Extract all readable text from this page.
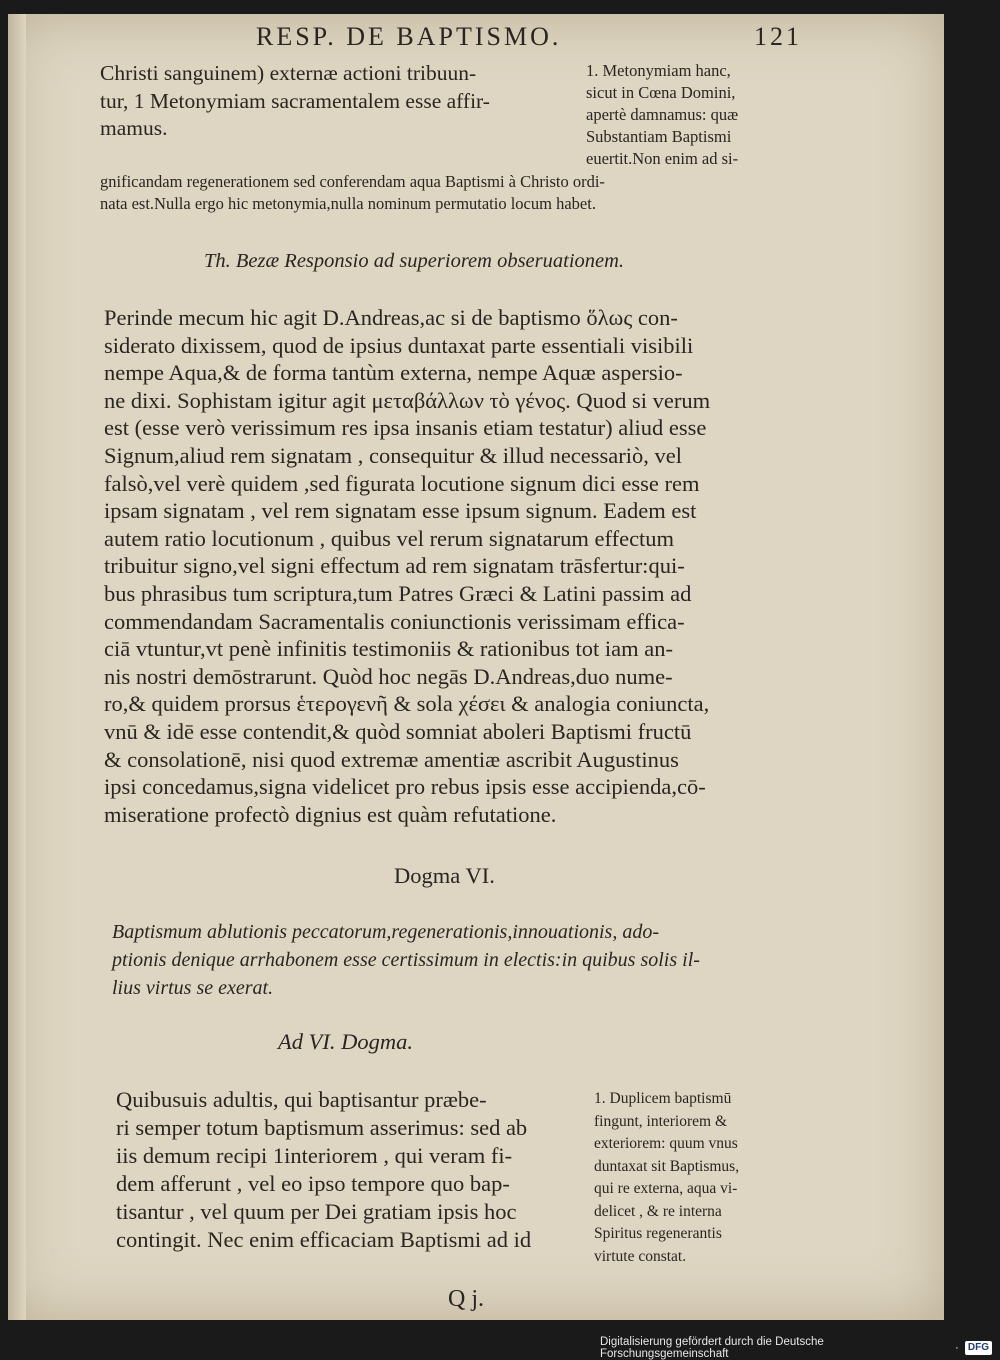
RESP. DE BAPTISMO.	121
Christi sanguinem) externæ actioni tribuun-
tur, 1 Metonymiam sacramentalem esse affir-
mamus.
1. Metonymiam hanc,
sicut in Cœna Domini,
apertè damnamus: quæ
Substantiam Baptismi
euertit.Non enim ad si-
gnificandam regenerationem sed conferendam aqua Baptismi à Christo ordi-
nata est.Nulla ergo hic metonymia,nulla nominum permutatio locum habet.
Th. Bezæ Responsio ad superiorem obseruationem.
Perinde mecum hic agit D.Andreas,ac si de baptismo ὅλως con-
siderato dixissem, quod de ipsius duntaxat parte essentiali visibili
nempe Aqua,& de forma tantùm externa, nempe Aquæ aspersio-
ne dixi. Sophistam igitur agit μεταβάλλων τὸ γένος. Quod si verum
est (esse verò verissimum res ipsa insanis etiam testatur) aliud esse
Signum,aliud rem signatam , consequitur & illud necessariò, vel
falsò,vel verè quidem ,sed figurata locutione signum dici esse rem
ipsam signatam , vel rem signatam esse ipsum signum. Eadem est
autem ratio locutionum , quibus vel rerum signatarum effectum
tribuitur signo,vel signi effectum ad rem signatam trāsfertur:qui-
bus phrasibus tum scriptura,tum Patres Græci & Latini passim ad
commendandam Sacramentalis coniunctionis verissimam effica-
ciā vtuntur,vt penè infinitis testimoniis & rationibus tot iam an-
nis nostri demōstrarunt. Quòd hoc negās D.Andreas,duo nume-
ro,& quidem prorsus ἑτερογενῆ & sola χέσει & analogia coniuncta,
vnū & idē esse contendit,& quòd somniat aboleri Baptismi fructū
& consolationē, nisi quod extremæ amentiæ ascribit Augustinus
ipsi concedamus,signa videlicet pro rebus ipsis esse accipienda,cō-
miseratione profectò dignius est quàm refutatione.
Dogma VI.
Baptismum ablutionis peccatorum,regenerationis,innouationis, ado-
ptionis denique arrhabonem esse certissimum in electis:in quibus solis il-
lius virtus se exerat.
Ad VI. Dogma.
Quibusuis adultis, qui baptisantur præbe-
ri semper totum baptismum asserimus: sed ab
iis demum recipi 1interiorem , qui veram fi-
dem afferunt , vel eo ipso tempore quo bap-
tisantur , vel quum per Dei gratiam ipsis hoc
contingit. Nec enim efficaciam Baptismi ad id
1. Duplicem baptismū
fingunt, interiorem &
exteriorem: quum vnus
duntaxat sit Baptismus,
qui re externa, aqua vi-
delicet , & re interna
Spiritus regenerantis
virtute constat.
Q j.
Digitalisierung gefördert durch die Deutsche Forschungsgemeinschaft	· DFG
